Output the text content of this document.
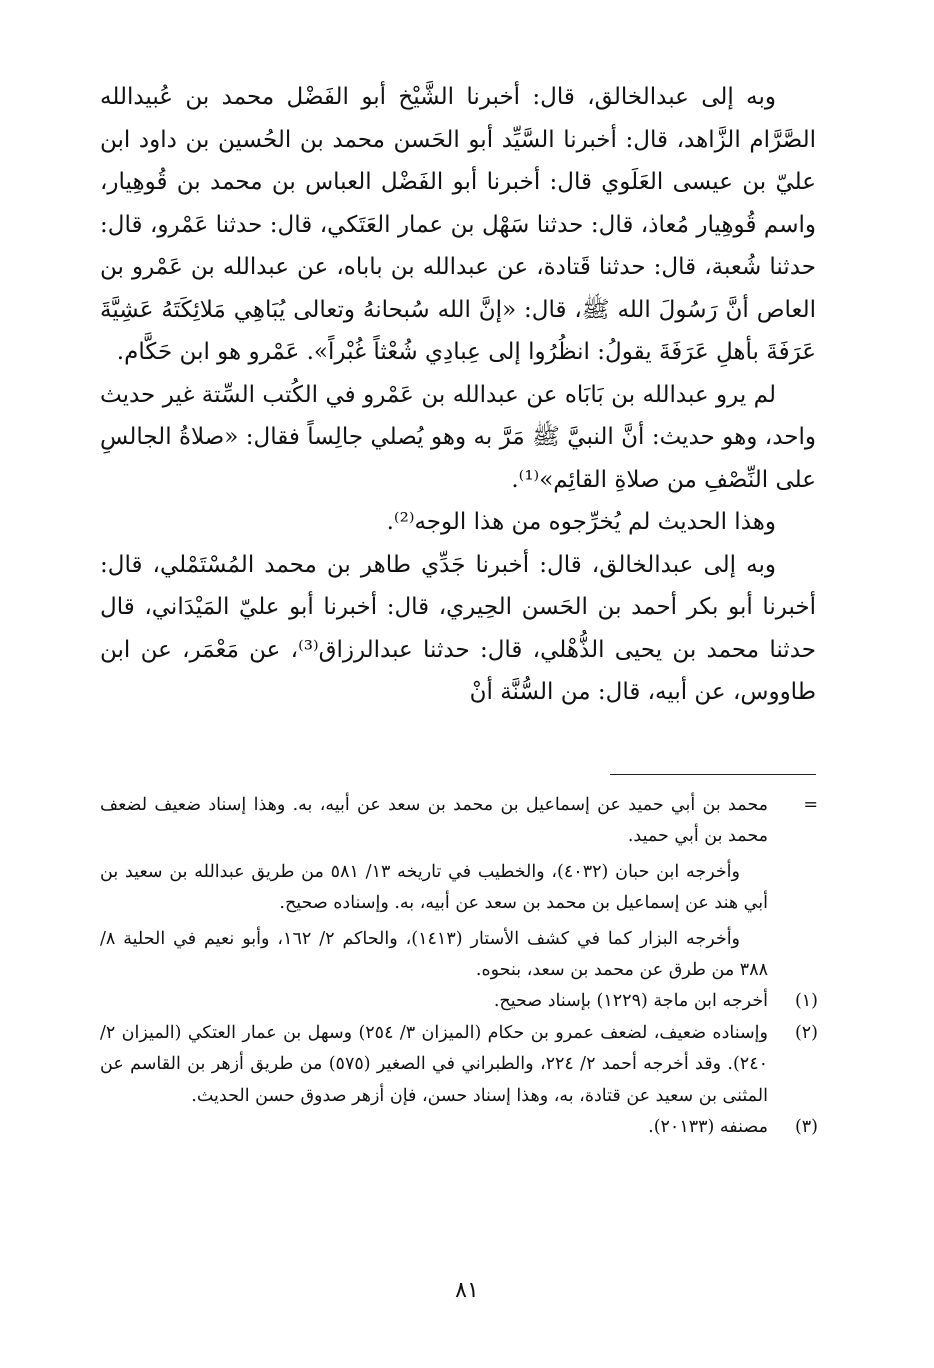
وبه إلى عبدالخالق، قال: أخبرنا الشَّيْخ أبو الفَضْل محمد بن عُبيدالله الصَّرَّام الزَّاهد، قال: أخبرنا السَّيِّد أبو الحَسن محمد بن الحُسين بن داود ابن عليّ بن عيسى العَلَوي قال: أخبرنا أبو الفَضْل العباس بن محمد بن قُوهِيار، واسم قُوهِيار مُعاذ، قال: حدثنا سَهْل بن عمار العَتَكي، قال: حدثنا عَمْرو، قال: حدثنا شُعبة، قال: حدثنا قَتادة، عن عبدالله بن باباه، عن عبدالله بن عَمْرو بن العاص أنَّ رَسُولَ الله ﷺ، قال: «إنَّ الله سُبحانهُ وتعالى يُبَاهِي مَلائِكَتَهُ عَشِيَّةَ عَرَفَةَ بأهلِ عَرَفَةَ يقولُ: انظُرُوا إلى عِبادِي شُعْثاً غُبْراً». عَمْرو هو ابن حَكَّام.

لم يرو عبدالله بن بَابَاه عن عبدالله بن عَمْرو في الكُتب السِّتة غير حديث واحد، وهو حديث: أنَّ النبيَّ ﷺ مَرَّ به وهو يُصلي جالِساً فقال: «صلاةُ الجالسِ على النِّصْفِ من صلاةِ القائِم»⁽¹⁾.

وهذا الحديث لم يُخرِّجوه من هذا الوجه⁽²⁾.

وبه إلى عبدالخالق، قال: أخبرنا جَدِّي طاهر بن محمد المُسْتَمْلي، قال: أخبرنا أبو بكر أحمد بن الحَسن الحِيري، قال: أخبرنا أبو عليّ المَيْدَاني، قال حدثنا محمد بن يحيى الذُّهْلي، قال: حدثنا عبدالرزاق⁽³⁾، عن مَعْمَر، عن ابن طاووس، عن أبيه، قال: من السُّنَّة أنْ

=

محمد بن أبي حميد عن إسماعيل بن محمد بن سعد عن أبيه، به. وهذا إسناد ضعيف لضعف محمد بن أبي حميد.

وأخرجه ابن حبان (٤٠٣٢)، والخطيب في تاريخه ١٣/ ٥٨١ من طريق عبدالله بن سعيد بن أبي هند عن إسماعيل بن محمد بن سعد عن أبيه، به. وإسناده صحيح.

وأخرجه البزار كما في كشف الأستار (١٤١٣)، والحاكم ٢/ ١٦٢، وأبو نعيم في الحلية ٨/ ٣٨٨ من طرق عن محمد بن سعد، بنحوه.

(١)

أخرجه ابن ماجة (١٢٢٩) بإسناد صحيح.

(٢)

وإسناده ضعيف، لضعف عمرو بن حكام (الميزان ٣/ ٢٥٤) وسهل بن عمار العتكي (الميزان ٢/ ٢٤٠). وقد أخرجه أحمد ٢/ ٢٢٤، والطبراني في الصغير (٥٧٥) من طريق أزهر بن القاسم عن المثنى بن سعيد عن قتادة، به، وهذا إسناد حسن، فإن أزهر صدوق حسن الحديث.

(٣)

مصنفه (٢٠١٣٣).

٨١
